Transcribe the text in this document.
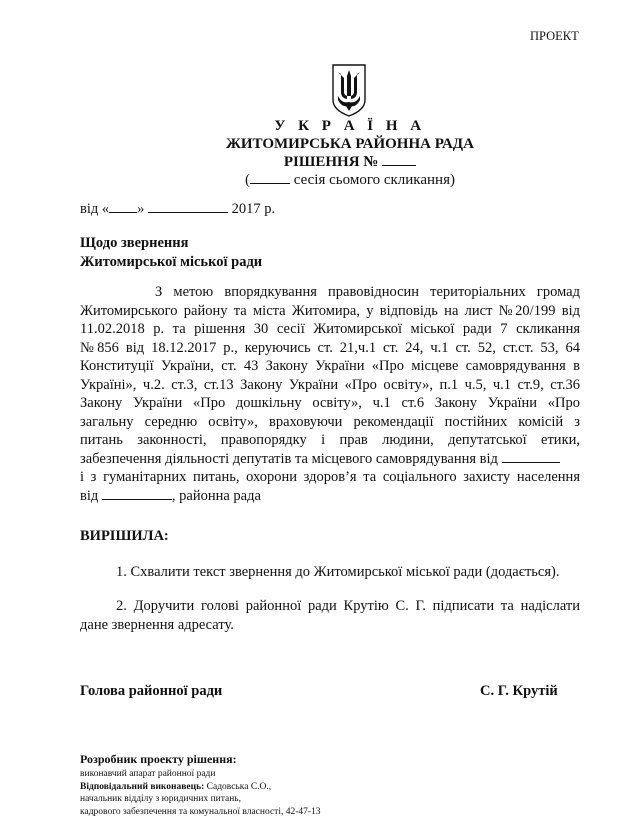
ПРОЕКТ
У К Р А Ї Н А
ЖИТОМИРСЬКА РАЙОННА РАДА
РІШЕННЯ №
(	сесія сьомого скликання)
від « »	2017 р.
Щодо звернення
Житомирської міської ради
З метою впорядкування правовідносин територіальних громад
Житомирського району та міста Житомира, у відповідь на лист №20/199 від
11.02.2018 р. та рішення 30 сесії Житомирської міської ради 7 скликання
№856 від 18.12.2017 р., керуючись ст. 21,ч.1 ст. 24, ч.1 ст. 52, ст.ст. 53, 64
Конституції України, ст. 43 Закону України «Про місцеве самоврядування в
Україні», ч.2. ст.3, ст.13 Закону України «Про освіту», п.1 ч.5, ч.1 ст.9, ст.36
Закону України «Про дошкільну освіту», ч.1 ст.6 Закону України «Про
загальну середню освіту», враховуючи рекомендації постійних комісій з
питань законності, правопорядку і прав людини, депутатської етики,
забезпечення діяльності депутатів та місцевого самоврядування від
і з гуманітарних питань, охорони здоров’я та соціального захисту населення
від	, районна рада
ВИРІШИЛА:
1. Схвалити текст звернення до Житомирської міської ради (додається).
2. Доручити голові районної ради Крутію С. Г. підписати та надіслати дане звернення адресату.
Голова районної ради	С. Г. Крутій
Розробник проекту рішення:
виконавчий апарат районної ради
Відповідальний виконавець: Садовська С.О.,
начальник відділу з юридичних питань,
кадрового забезпечення та комунальної власності, 42-47-13
